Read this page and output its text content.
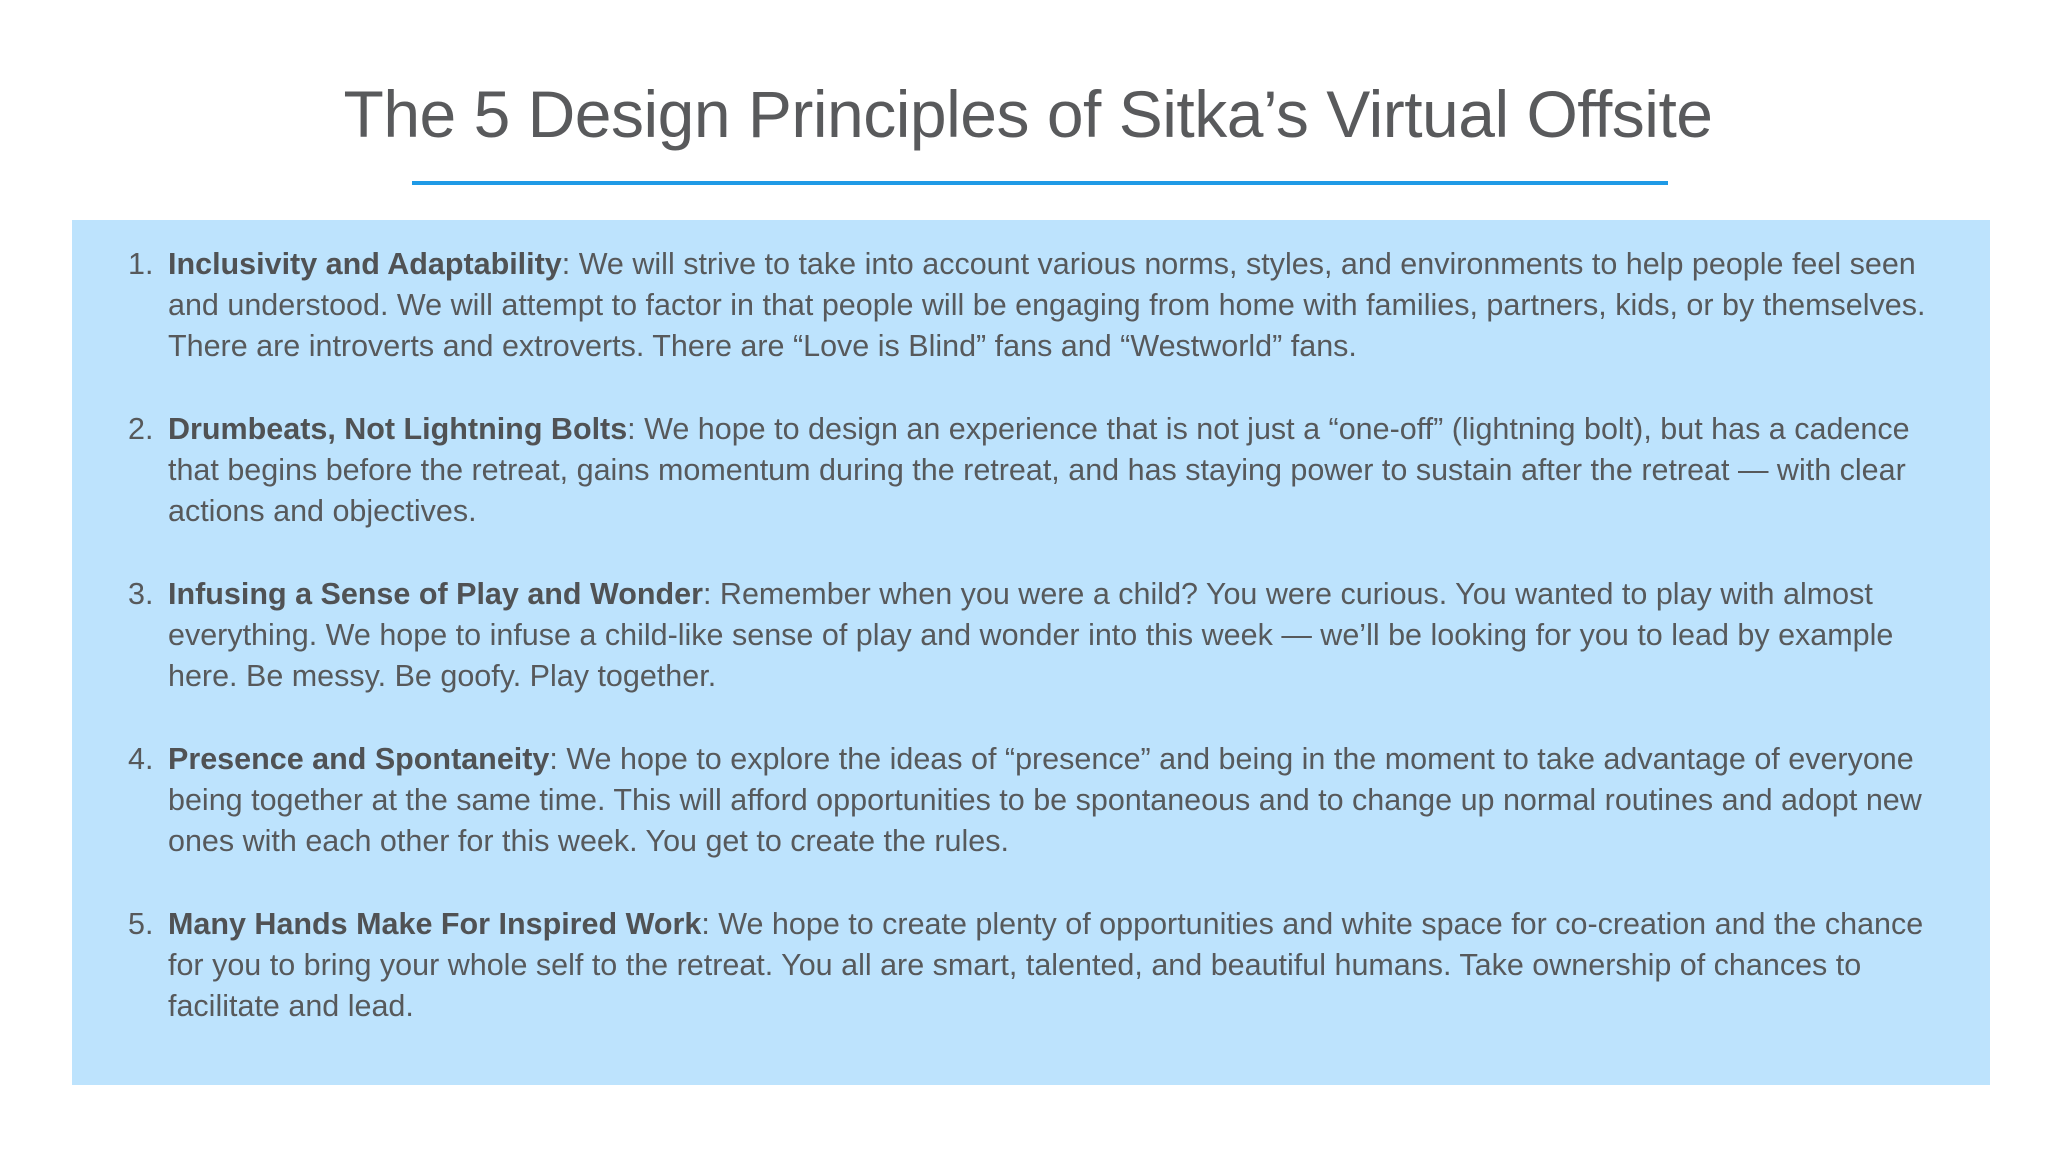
The 5 Design Principles of Sitka’s Virtual Offsite
1. Inclusivity and Adaptability: We will strive to take into account various norms, styles, and environments to help people feel seen and understood. We will attempt to factor in that people will be engaging from home with families, partners, kids, or by themselves. There are introverts and extroverts. There are “Love is Blind” fans and “Westworld” fans.
2. Drumbeats, Not Lightning Bolts: We hope to design an experience that is not just a “one-off” (lightning bolt), but has a cadence that begins before the retreat, gains momentum during the retreat, and has staying power to sustain after the retreat — with clear actions and objectives.
3. Infusing a Sense of Play and Wonder: Remember when you were a child? You were curious. You wanted to play with almost everything. We hope to infuse a child-like sense of play and wonder into this week — we’ll be looking for you to lead by example here. Be messy. Be goofy. Play together.
4. Presence and Spontaneity: We hope to explore the ideas of “presence” and being in the moment to take advantage of everyone being together at the same time. This will afford opportunities to be spontaneous and to change up normal routines and adopt new ones with each other for this week. You get to create the rules.
5. Many Hands Make For Inspired Work: We hope to create plenty of opportunities and white space for co-creation and the chance for you to bring your whole self to the retreat. You all are smart, talented, and beautiful humans. Take ownership of chances to facilitate and lead.
